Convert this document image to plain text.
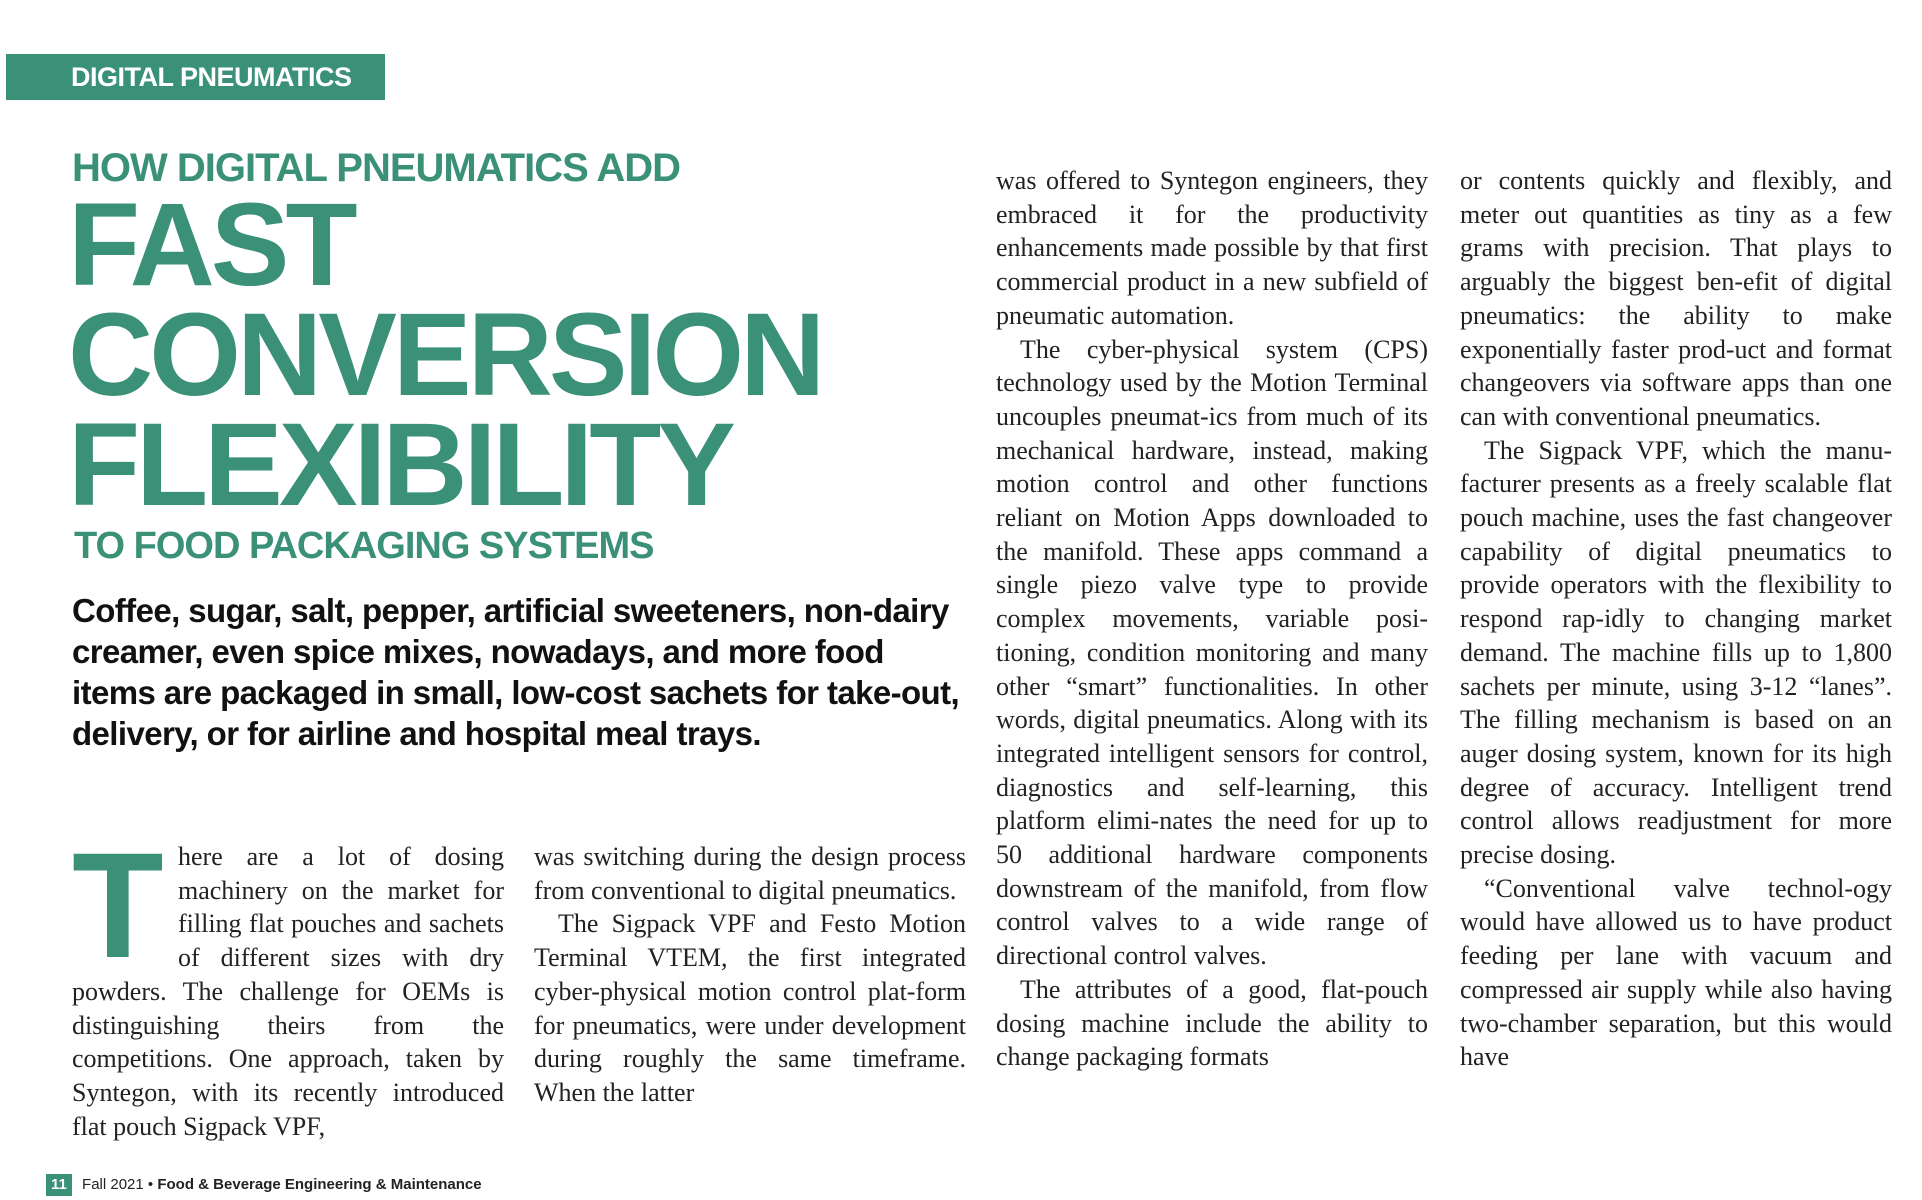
DIGITAL PNEUMATICS
HOW DIGITAL PNEUMATICS ADD
FAST
CONVERSION
FLEXIBILITY
TO FOOD PACKAGING SYSTEMS
Coffee, sugar, salt, pepper, artificial sweeteners, non-dairy creamer, even spice mixes, nowadays, and more food items are packaged in small, low-cost sachets for take-out, delivery, or for airline and hospital meal trays.

There are a lot of dosing machinery on the market for filling flat pouches and sachets of different sizes with dry powders. The challenge for OEMs is distinguishing theirs from the competitions. One approach, taken by Syntegon, with its recently introduced flat pouch Sigpack VPF,

was switching during the design process from conventional to digital pneumatics.

The Sigpack VPF and Festo Motion Terminal VTEM, the first integrated cyber-physical motion control plat-form for pneumatics, were under development during roughly the same timeframe. When the latter

was offered to Syntegon engineers, they embraced it for the productivity enhancements made possible by that first commercial product in a new subfield of pneumatic automation.

The cyber-physical system (CPS) technology used by the Motion Terminal uncouples pneumat-ics from much of its mechanical hardware, instead, making motion control and other functions reliant on Motion Apps downloaded to the manifold. These apps command a single piezo valve type to provide complex movements, variable posi-tioning, condition monitoring and many other “smart” functionalities. In other words, digital pneumatics. Along with its integrated intelligent sensors for control, diagnostics and self-learning, this platform elimi-nates the need for up to 50 additional hardware components downstream of the manifold, from flow control valves to a wide range of directional control valves.

The attributes of a good, flat-pouch dosing machine include the ability to change packaging formats

or contents quickly and flexibly, and meter out quantities as tiny as a few grams with precision. That plays to arguably the biggest ben-efit of digital pneumatics: the ability to make exponentially faster prod-uct and format changeovers via software apps than one can with conventional pneumatics.

The Sigpack VPF, which the manu-facturer presents as a freely scalable flat pouch machine, uses the fast changeover capability of digital pneumatics to provide operators with the flexibility to respond rap-idly to changing market demand. The machine fills up to 1,800 sachets per minute, using 3-12 “lanes”. The filling mechanism is based on an auger dosing system, known for its high degree of accuracy. Intelligent trend control allows readjustment for more precise dosing.

“Conventional valve technol-ogy would have allowed us to have product feeding per lane with vacuum and compressed air supply while also having two-chamber separation, but this would have

11 Fall 2021 • Food & Beverage Engineering & Maintenance
